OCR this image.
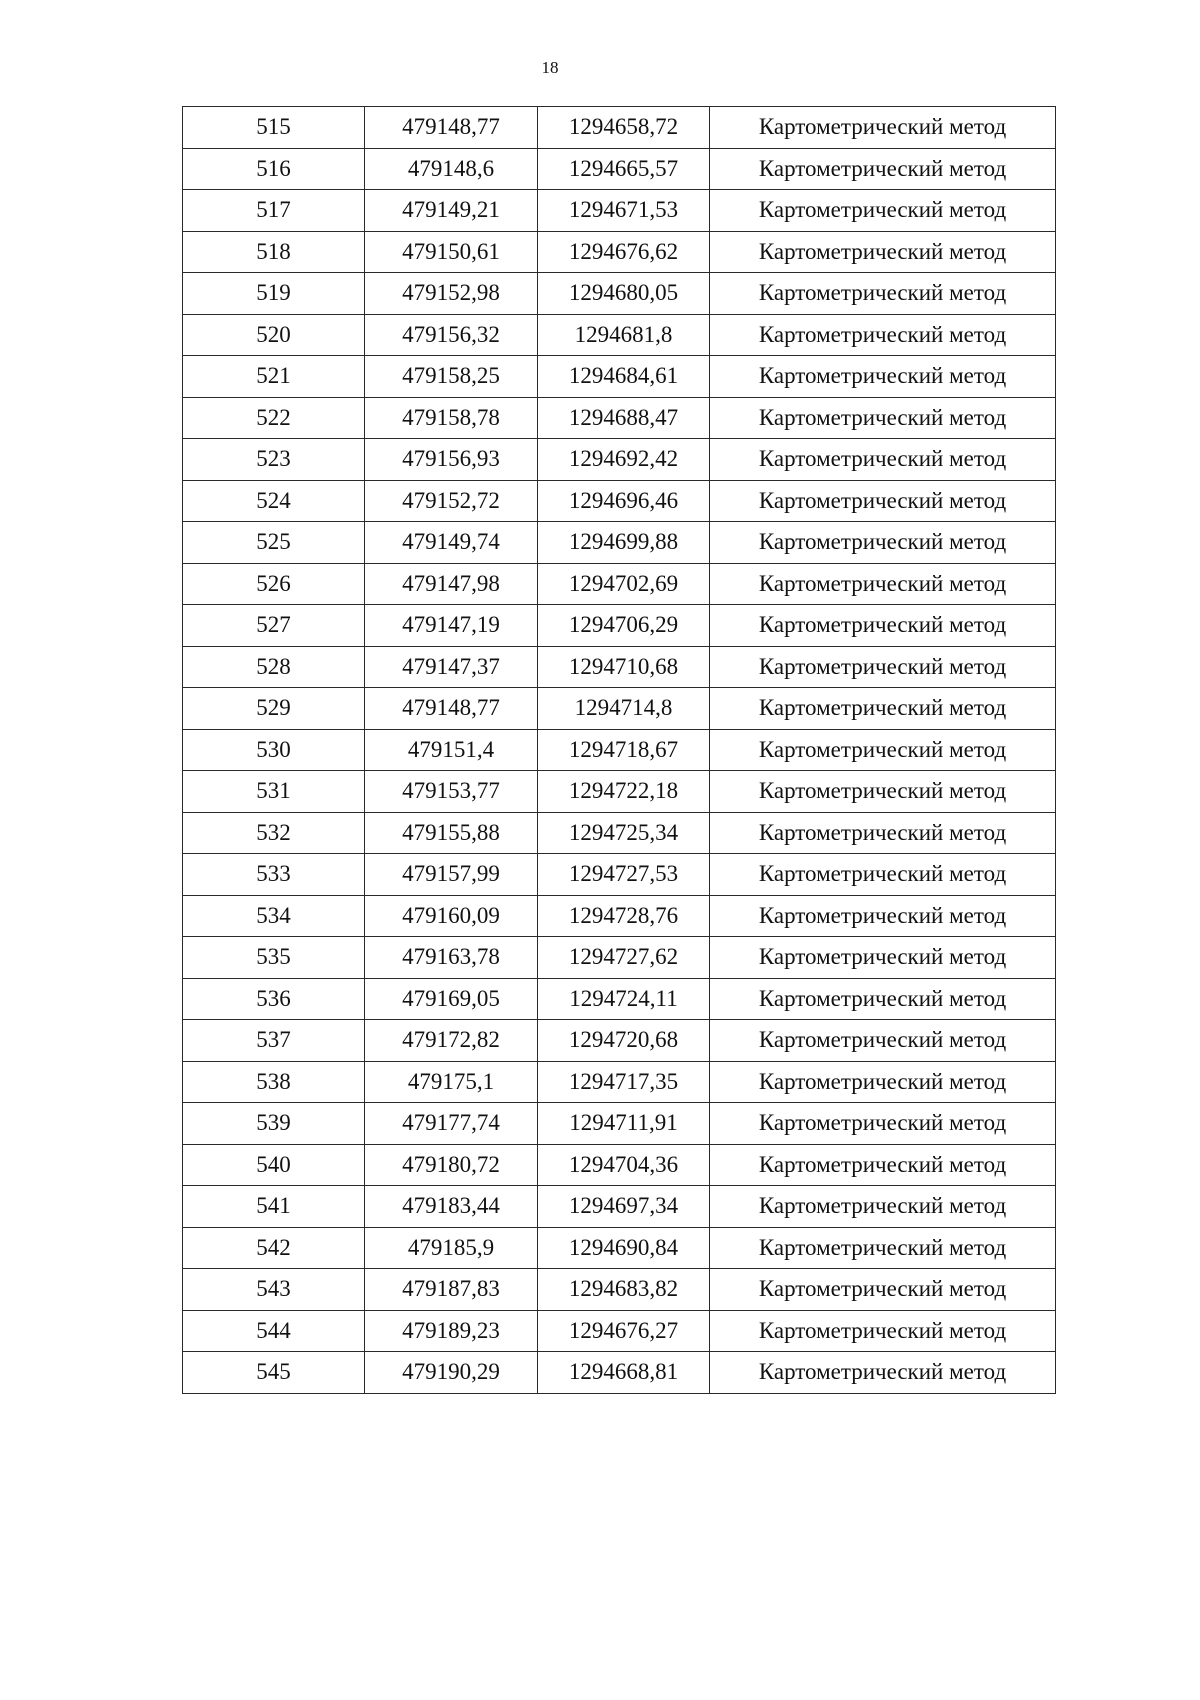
18
515	479148,77	1294658,72	Картометрический метод
516	479148,6	1294665,57	Картометрический метод
517	479149,21	1294671,53	Картометрический метод
518	479150,61	1294676,62	Картометрический метод
519	479152,98	1294680,05	Картометрический метод
520	479156,32	1294681,8	Картометрический метод
521	479158,25	1294684,61	Картометрический метод
522	479158,78	1294688,47	Картометрический метод
523	479156,93	1294692,42	Картометрический метод
524	479152,72	1294696,46	Картометрический метод
525	479149,74	1294699,88	Картометрический метод
526	479147,98	1294702,69	Картометрический метод
527	479147,19	1294706,29	Картометрический метод
528	479147,37	1294710,68	Картометрический метод
529	479148,77	1294714,8	Картометрический метод
530	479151,4	1294718,67	Картометрический метод
531	479153,77	1294722,18	Картометрический метод
532	479155,88	1294725,34	Картометрический метод
533	479157,99	1294727,53	Картометрический метод
534	479160,09	1294728,76	Картометрический метод
535	479163,78	1294727,62	Картометрический метод
536	479169,05	1294724,11	Картометрический метод
537	479172,82	1294720,68	Картометрический метод
538	479175,1	1294717,35	Картометрический метод
539	479177,74	1294711,91	Картометрический метод
540	479180,72	1294704,36	Картометрический метод
541	479183,44	1294697,34	Картометрический метод
542	479185,9	1294690,84	Картометрический метод
543	479187,83	1294683,82	Картометрический метод
544	479189,23	1294676,27	Картометрический метод
545	479190,29	1294668,81	Картометрический метод
